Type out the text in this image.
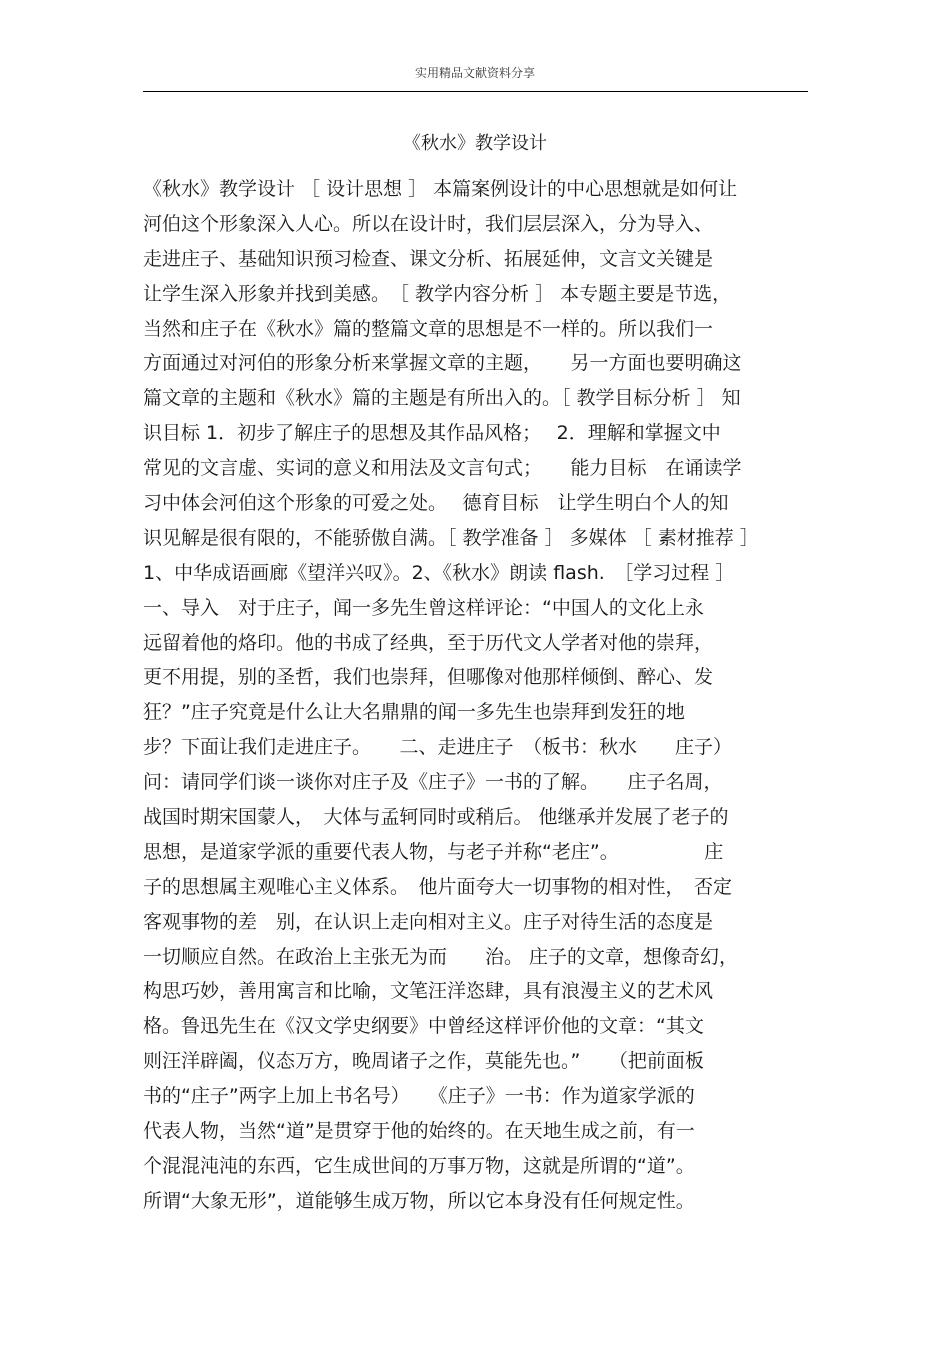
实用精品文献资料分享
《秋水》教学设计
《秋水》教学设计 ［ 设计思想 ］ 本篇案例设计的中心思想就是如何让
河伯这个形象深入人心。所以在设计时，我们层层深入，分为导入、
走进庄子、基础知识预习检查、课文分析、拓展延伸，文言文关键是
让学生深入形象并找到美感。　［ 教学内容分析 ］ 本专题主要是节选，
当然和庄子在《秋水》篇的整篇文章的思想是不一样的。所以我们一
方面通过对河伯的形象分析来掌握文章的主题，　　另一方面也要明确这
篇文章的主题和《秋水》篇的主题是有所出入的。［ 教学目标分析 ］ 知
识目标 1．初步了解庄子的思想及其作品风格；　 2．理解和掌握文中
常见的文言虚、实词的意义和用法及文言句式；　　能力目标　在诵读学
习中体会河伯这个形象的可爱之处。　 德育目标　让学生明白个人的知
识见解是很有限的，不能骄傲自满。［ 教学准备 ］ 多媒体 ［ 素材推荐 ］
1、中华成语画廊《望洋兴叹》。2、《秋水》朗读 flash.　［学习过程 ］
一、导入　对于庄子，闻一多先生曾这样评论：“中国人的文化上永
远留着他的烙印。他的书成了经典，至于历代文人学者对他的崇拜，
更不用提，别的圣哲，我们也崇拜，但哪像对他那样倾倒、醉心、发
狂？”庄子究竟是什么让大名鼎鼎的闻一多先生也崇拜到发狂的地
步？下面让我们走进庄子。　　二、走进庄子　（板书：秋水　　庄子）
问：请同学们谈一谈你对庄子及《庄子》一书的了解。　　庄子名周，
战国时期宋国蒙人，　大体与孟轲同时或稍后。 他继承并发展了老子的
思想，是道家学派的重要代表人物，与老子并称“老庄”。　　　　　庄
子的思想属主观唯心主义体系。　他片面夸大一切事物的相对性，　否定
客观事物的差　别，在认识上走向相对主义。庄子对待生活的态度是
一切顺应自然。在政治上主张无为而　　治。 庄子的文章，想像奇幻，
构思巧妙，善用寓言和比喻，文笔汪洋恣肆，具有浪漫主义的艺术风
格。鲁迅先生在《汉文学史纲要》中曾经这样评价他的文章：“其文
则汪洋辟阖，仪态万方，晚周诸子之作，莫能先也。”　　（把前面板
书的“庄子”两字上加上书名号）　　《庄子》一书：作为道家学派的
代表人物，当然“道”是贯穿于他的始终的。在天地生成之前，有一
个混混沌沌的东西，它生成世间的万事万物，这就是所谓的“道”。
所谓“大象无形”，道能够生成万物，所以它本身没有任何规定性。
